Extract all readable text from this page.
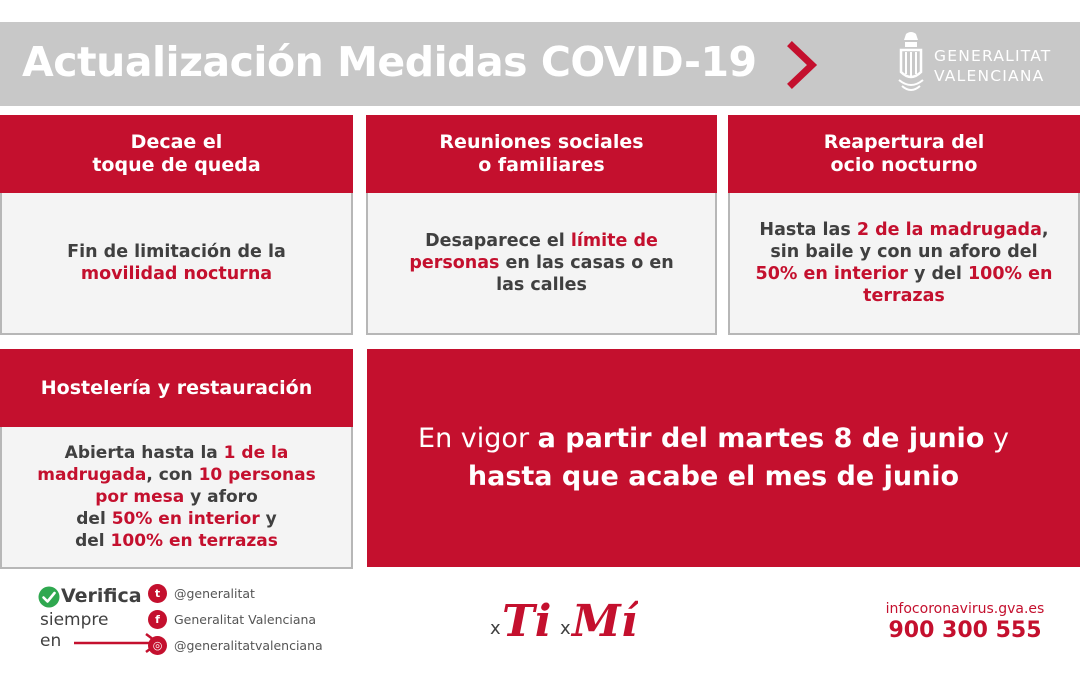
Actualización Medidas COVID-19	GENERALITAT
VALENCIANA
Decae el
toque de queda
Fin de limitación de la
movilidad nocturna
Reuniones sociales
o familiares
Desaparece el límite de
personas en las casas o en
las calles
Reapertura del
ocio nocturno
Hasta las 2 de la madrugada,
sin baile y con un aforo del
50% en interior y del 100% en
terrazas
Hostelería y restauración
Abierta hasta la 1 de la
madrugada, con 10 personas
por mesa y aforo
del 50% en interior y
del 100% en terrazas
En vigor a partir del martes 8 de junio y
hasta que acabe el mes de junio
Verifica
siempre
en
t	@generalitat
f	Generalitat Valenciana
◎ @generalitatvalenciana
x Ti x Mí	infocoronavirus.gva.es
900 300 555
